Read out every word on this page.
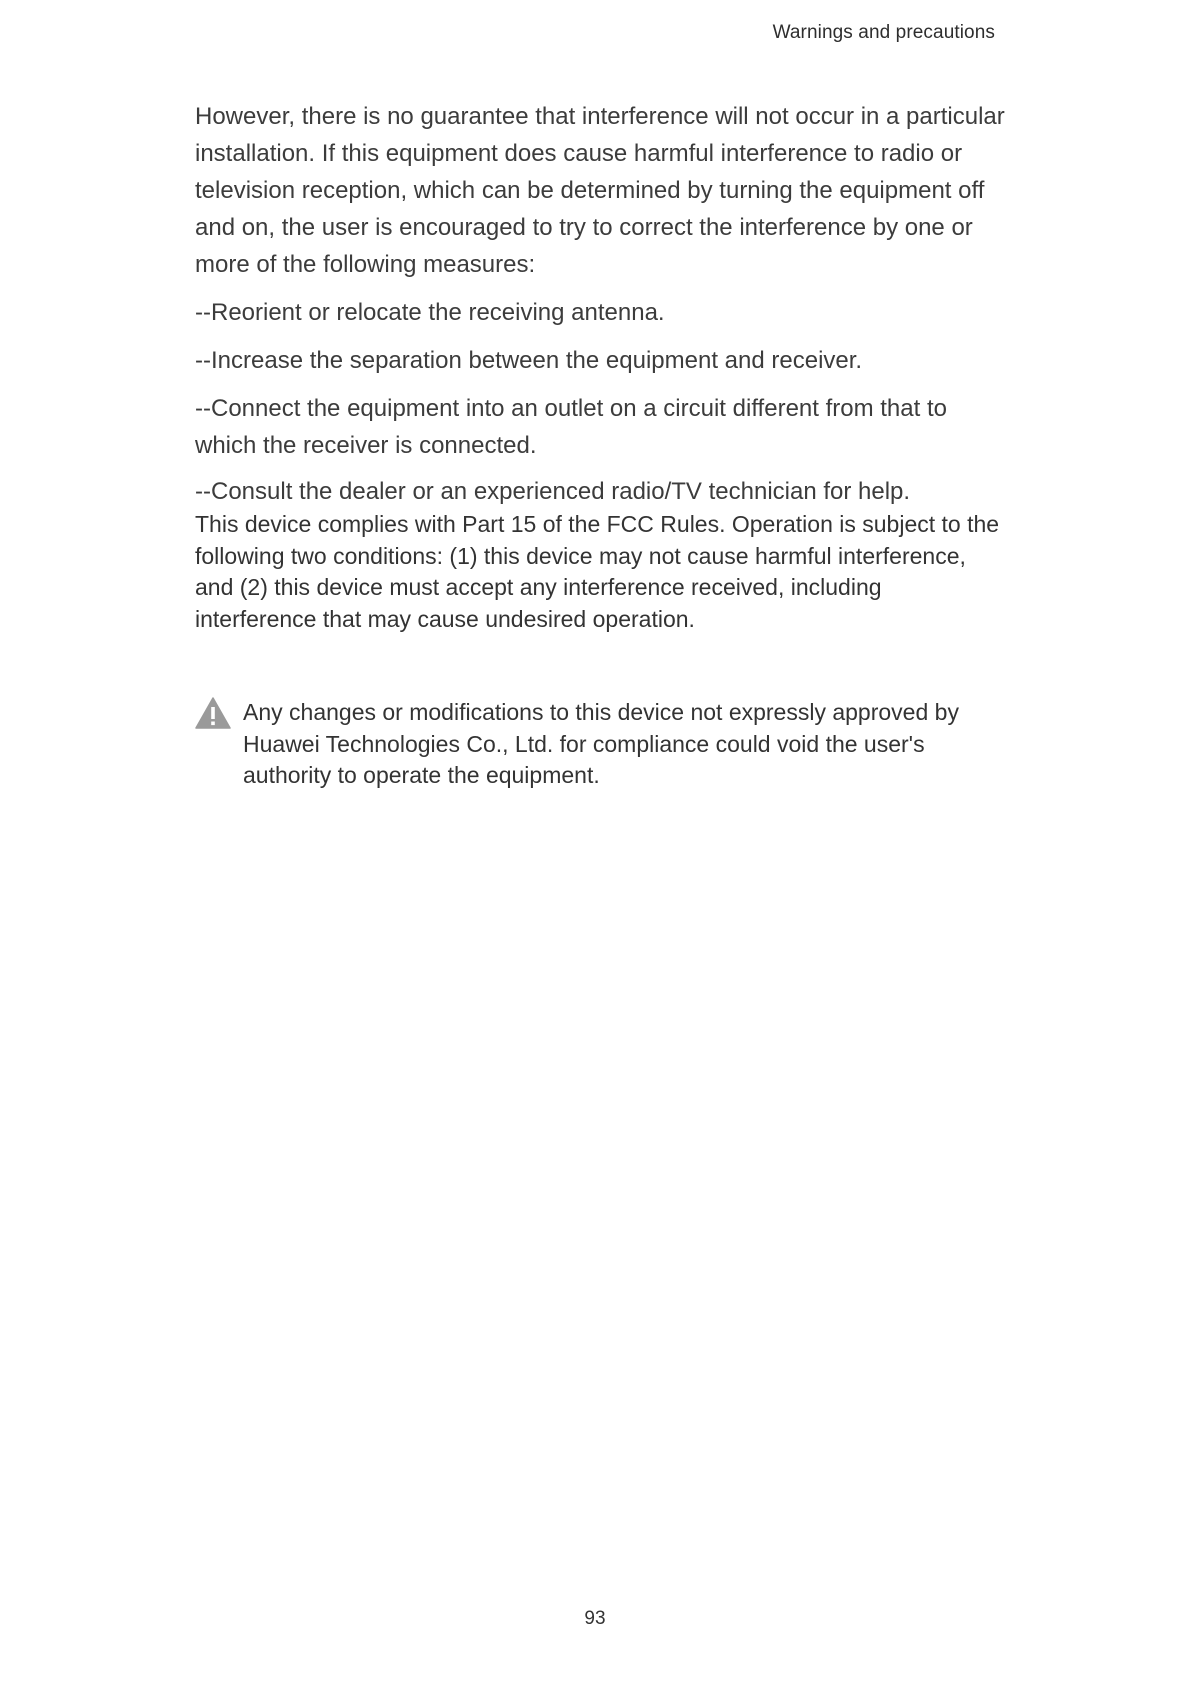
Warnings and precautions

However, there is no guarantee that interference will not occur in a particular installation. If this equipment does cause harmful interference to radio or television reception, which can be determined by turning the equipment off and on, the user is encouraged to try to correct the interference by one or more of the following measures:

--Reorient or relocate the receiving antenna.

--Increase the separation between the equipment and receiver.

--Connect the equipment into an outlet on a circuit different from that to which the receiver is connected.

--Consult the dealer or an experienced radio/TV technician for help.

This device complies with Part 15 of the FCC Rules. Operation is subject to the following two conditions: (1) this device may not cause harmful interference, and (2) this device must accept any interference received, including interference that may cause undesired operation.

Any changes or modifications to this device not expressly approved by Huawei Technologies Co., Ltd. for compliance could void the user's authority to operate the equipment.
93
